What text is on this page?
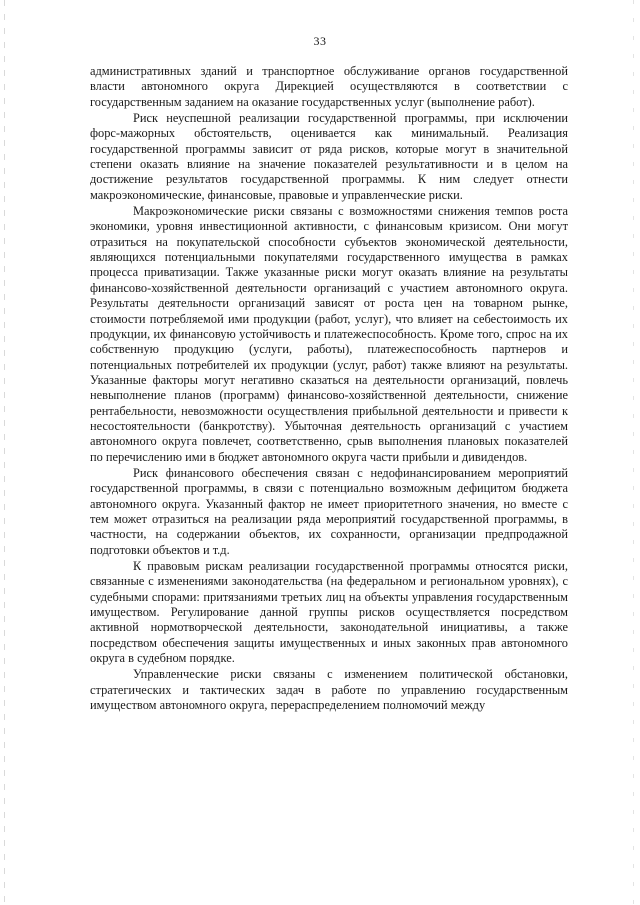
33

административных зданий и транспортное обслуживание органов государственной власти автономного округа Дирекцией осуществляются в соответствии с государственным заданием на оказание государственных услуг (выполнение работ).

Риск неуспешной реализации государственной программы, при исключении форс-мажорных обстоятельств, оценивается как минимальный. Реализация государственной программы зависит от ряда рисков, которые могут в значительной степени оказать влияние на значение показателей результативности и в целом на достижение результатов государственной программы. К ним следует отнести макроэкономические, финансовые, правовые и управленческие риски.

Макроэкономические риски связаны с возможностями снижения темпов роста экономики, уровня инвестиционной активности, с финансовым кризисом. Они могут отразиться на покупательской способности субъектов экономической деятельности, являющихся потенциальными покупателями государственного имущества в рамках процесса приватизации. Также указанные риски могут оказать влияние на результаты финансово-хозяйственной деятельности организаций с участием автономного округа. Результаты деятельности организаций зависят от роста цен на товарном рынке, стоимости потребляемой ими продукции (работ, услуг), что влияет на себестоимость их продукции, их финансовую устойчивость и платежеспособность. Кроме того, спрос на их собственную продукцию (услуги, работы), платежеспособность партнеров и потенциальных потребителей их продукции (услуг, работ) также влияют на результаты. Указанные факторы могут негативно сказаться на деятельности организаций, повлечь невыполнение планов (программ) финансово-хозяйственной деятельности, снижение рентабельности, невозможности осуществления прибыльной деятельности и привести к несостоятельности (банкротству). Убыточная деятельность организаций с участием автономного округа повлечет, соответственно, срыв выполнения плановых показателей по перечислению ими в бюджет автономного округа части прибыли и дивидендов.

Риск финансового обеспечения связан с недофинансированием мероприятий государственной программы, в связи с потенциально возможным дефицитом бюджета автономного округа. Указанный фактор не имеет приоритетного значения, но вместе с тем может отразиться на реализации ряда мероприятий государственной программы, в частности, на содержании объектов, их сохранности, организации предпродажной подготовки объектов и т.д.

К правовым рискам реализации государственной программы относятся риски, связанные с изменениями законодательства (на федеральном и региональном уровнях), с судебными спорами: притязаниями третьих лиц на объекты управления государственным имуществом. Регулирование данной группы рисков осуществляется посредством активной нормотворческой деятельности, законодательной инициативы, а также посредством обеспечения защиты имущественных и иных законных прав автономного округа в судебном порядке.

Управленческие риски связаны с изменением политической обстановки, стратегических и тактических задач в работе по управлению государственным имуществом автономного округа, перераспределением полномочий между
